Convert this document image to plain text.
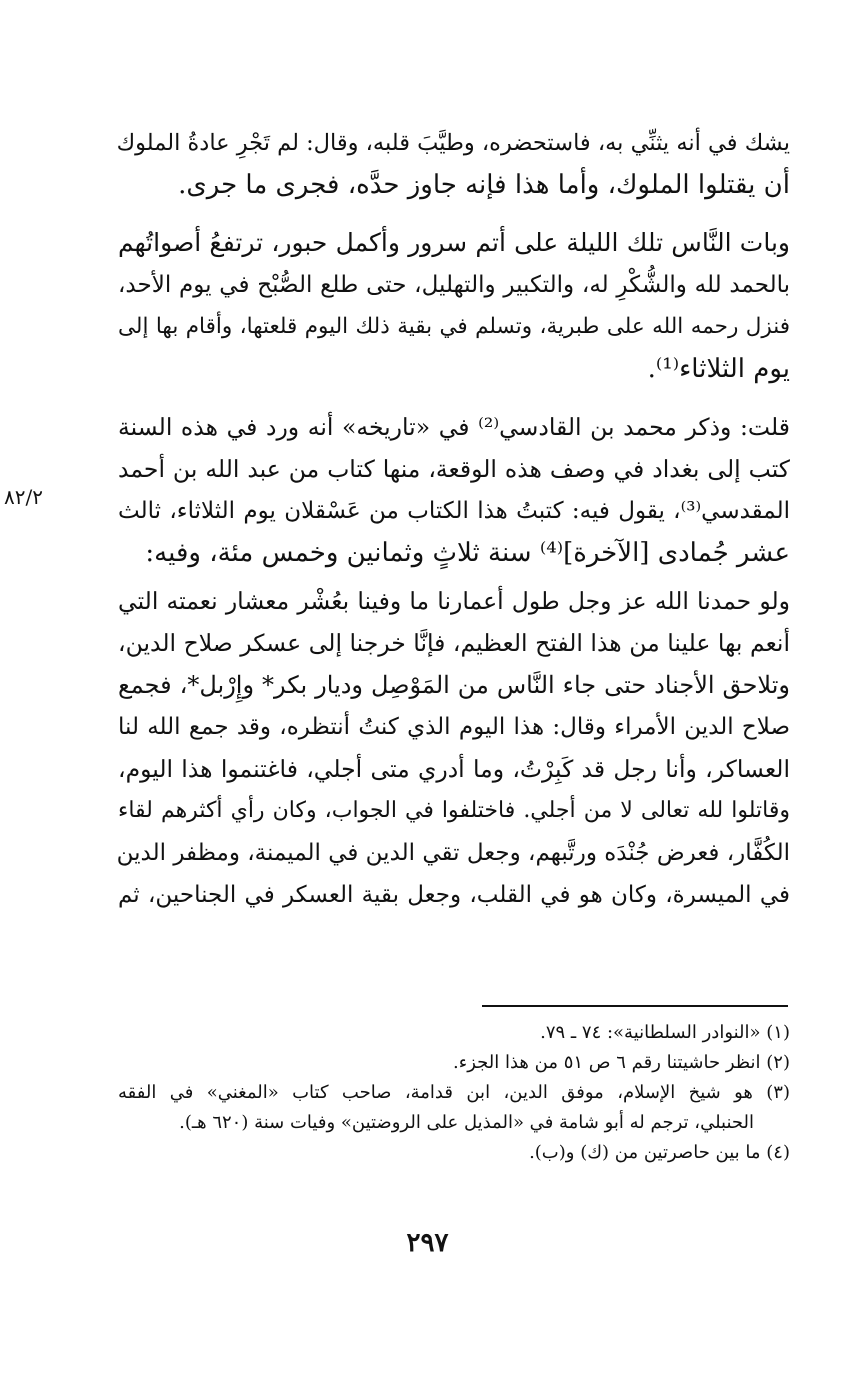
يشك في أنه يثنِّي به، فاستحضره، وطيَّبَ قلبه، وقال: لم تَجْرِ عادةُ الملوك
أن يقتلوا الملوك، وأما هذا فإنه جاوز حدَّه، فجرى ما جرى.
وبات النَّاس تلك الليلة على أتم سرور وأكمل حبور، ترتفعُ أصواتُهم
بالحمد لله والشُّكْرِ له، والتكبير والتهليل، حتى طلع الصُّبْح في يوم الأحد،
فنزل رحمه الله على طبرية، وتسلم في بقية ذلك اليوم قلعتها، وأقام بها إلى
يوم الثلاثاء⁽¹⁾.
قلت: وذكر محمد بن القادسي⁽²⁾ في «تاريخه» أنه ورد في هذه السنة
كتب إلى بغداد في وصف هذه الوقعة، منها كتاب من عبد الله بن أحمد
المقدسي⁽³⁾، يقول فيه: كتبتُ هذا الكتاب من عَسْقلان يوم الثلاثاء، ثالث
عشر جُمادى [الآخرة]⁽⁴⁾ سنة ثلاثٍ وثمانين وخمس مئة، وفيه:
ولو حمدنا الله عز وجل طول أعمارنا ما وفينا بعُشْر معشار نعمته التي
أنعم بها علينا من هذا الفتح العظيم، فإنَّا خرجنا إلى عسكر صلاح الدين،
وتلاحق الأجناد حتى جاء النَّاس من المَوْصِل وديار بكر* وإِرْبل*، فجمع
صلاح الدين الأمراء وقال: هذا اليوم الذي كنتُ أنتظره، وقد جمع الله لنا
العساكر، وأنا رجل قد كَبِرْتُ، وما أدري متى أجلي، فاغتنموا هذا اليوم،
وقاتلوا لله تعالى لا من أجلي. فاختلفوا في الجواب، وكان رأي أكثرهم لقاء
الكُفَّار، فعرض جُنْدَه ورتَّبهم، وجعل تقي الدين في الميمنة، ومظفر الدين
في الميسرة، وكان هو في القلب، وجعل بقية العسكر في الجناحين، ثم
٨٢/٢
(١) «النوادر السلطانية»: ٧٤ ـ ٧٩.
(٢) انظر حاشيتنا رقم ٦ ص ٥١ من هذا الجزء.
(٣) هو شيخ الإسلام، موفق الدين، ابن قدامة، صاحب كتاب «المغني» في الفقه
الحنبلي، ترجم له أبو شامة في «المذيل على الروضتين» وفيات سنة (٦٢٠ هـ).
(٤) ما بين حاصرتين من (ك) و(ب).
٢٩٧
